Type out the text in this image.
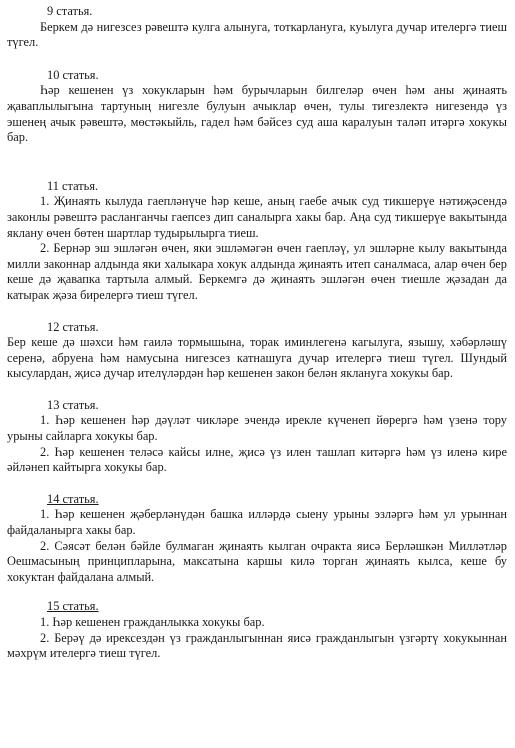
9 статья.

Беркем дә нигезсез рәвештә кулга алынуга, тоткарлануга, куылуга дучар ителергә тиеш түгел.

10 статья.

Һәр кешенен үз хокукларын һәм бурычларын билгеләр өчен һәм аны җинаять җаваплылыгына тартуның нигезле булуын ачыклар өчен, тулы тигезлектә нигезендә үз эшенең ачык рәвештә, мөстәкыйль, гадел һәм бәйсез суд аша каралуын таләп итәргә хокукы бар.

11 статья.

1. Җинаять кылуда гаепләнүче һәр кеше, аның гаебе ачык суд тикшерүе нәтиҗәсендә законлы рәвештә расланганчы гаепсез дип саналырга хакы бар. Аңа суд тикшерүе вакытында яклану өчен бөтен шартлар тудырылырга тиеш.

2. Бернәр эш эшләгән өчен, яки эшләмәгән өчен гаепләү, ул эшләрне кылу вакытында милли законнар алдында яки халыкара хокук алдында җинаять итеп саналмаса, алар өчен бер кеше дә җавапка тартыла алмый. Беркемгә дә җинаять эшләгән өчен тиешле җәзадан да катырак җәза бирелергә тиеш түгел.

12 статья.

Бер кеше дә шәхси һәм гаилә тормышына, торак иминлегенә кагылуга, язышу, хәбәрләшү серенә, абруена һәм намусына нигезсез катнашуга дучар ителергә тиеш түгел. Шундый кысулардан, җисә дучар ителүләрдән һәр кешенен закон белән яклануга хокукы бар.

13 статья.

1. Һәр кешенен һәр дәүләт чикләре эчендә ирекле күченеп йөрергә һәм үзенә тору урыны сайларга хокукы бар.

2. Һәр кешенен теләсә кайсы илне, җисә үз илен ташлап китәргә һәм үз иленә кире әйләнеп кайтырга хокукы бар.

14 статья.

1. Һәр кешенен җәберләнүдән башка илләрдә сыену урыны эзләргә һәм ул урыннан файдаланырга хакы бар.

2. Сәясәт белән бәйле булмаган җинаять кылган очракта яисә Берләшкән Милләтләр Оешмасының принципларына, максатына каршы килә торган җинаять кылса, кеше бу хокуктан файдалана алмый.

15 статья.

1. Һәр кешенен гражданлыкка хокукы бар.

2. Берәү дә ирексездән үз гражданлыгыннан яисә гражданлыгын үзгәртү хокукыннан мәхрүм ителергә тиеш түгел.
